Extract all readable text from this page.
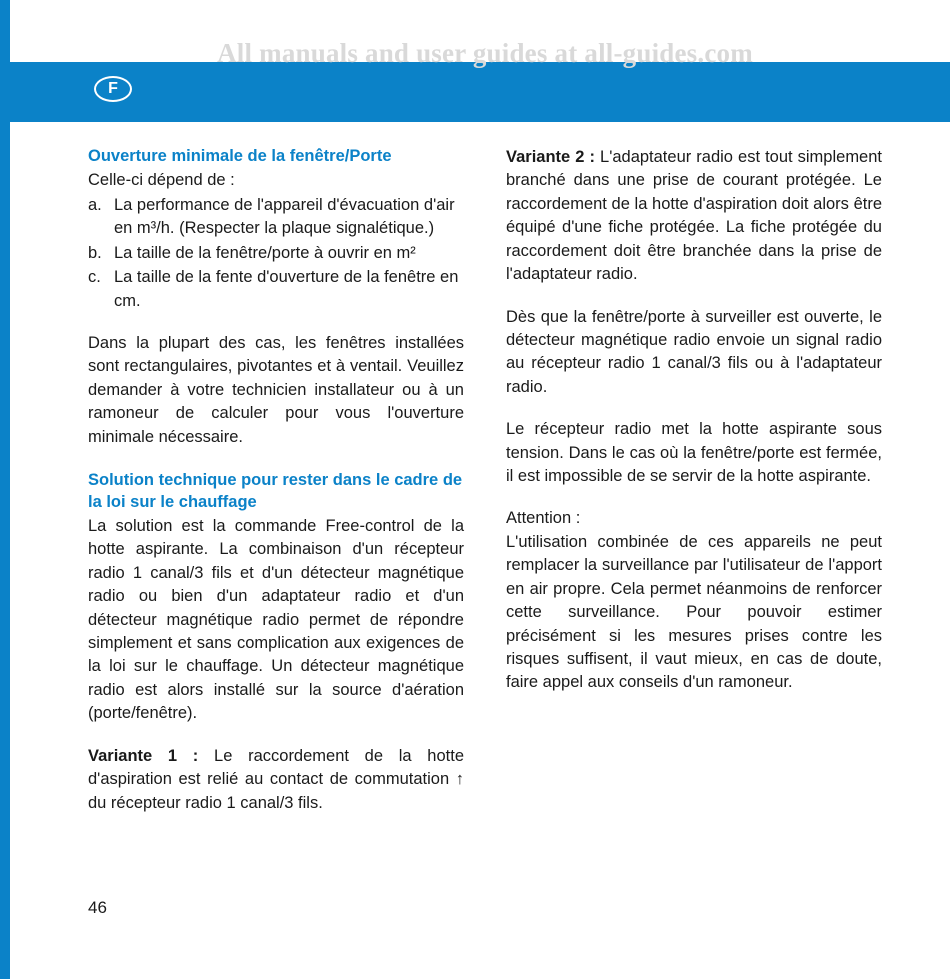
All manuals and user guides at all-guides.com
F
Ouverture minimale de la fenêtre/Porte

Celle-ci dépend de :

a. La performance de l'appareil d'évacuation d'air en m³/h. (Respecter la plaque signalétique.)
b. La taille de la fenêtre/porte à ouvrir en m²
c. La taille de la fente d'ouverture de la fenêtre en cm.

Dans la plupart des cas, les fenêtres installées sont rectangulaires, pivotantes et à ventail. Veuillez demander à votre technicien installateur ou à un ramoneur de calculer pour vous l'ouverture minimale nécessaire.

Solution technique pour rester dans le cadre de la loi sur le chauffage

La solution est la commande Free-control de la hotte aspirante. La combinaison d'un récepteur radio 1 canal/3 fils et d'un détecteur magnétique radio ou bien d'un adaptateur radio et d'un détecteur magnétique radio permet de répondre simplement et sans complication aux exigences de la loi sur le chauffage. Un détecteur magnétique radio est alors installé sur la source d'aération (porte/fenêtre).

Variante 1 : Le raccordement de la hotte d'aspiration est relié au contact de commutation ↑ du récepteur radio 1 canal/3 fils.

Variante 2 : L'adaptateur radio est tout simplement branché dans une prise de courant protégée. Le raccordement de la hotte d'aspiration doit alors être équipé d'une fiche protégée. La fiche protégée du raccordement doit être branchée dans la prise de l'adaptateur radio.

Dès que la fenêtre/porte à surveiller est ouverte, le détecteur magnétique radio envoie un signal radio au récepteur radio 1 canal/3 fils ou à l'adaptateur radio.

Le récepteur radio met la hotte aspirante sous tension. Dans le cas où la fenêtre/porte est fermée, il est impossible de se servir de la hotte aspirante.

Attention :

L'utilisation combinée de ces appareils ne peut remplacer la surveillance par l'utilisateur de l'apport en air propre. Cela permet néanmoins de renforcer cette surveillance. Pour pouvoir estimer précisément si les mesures prises contre les risques suffisent, il vaut mieux, en cas de doute, faire appel aux conseils d'un ramoneur.

46
